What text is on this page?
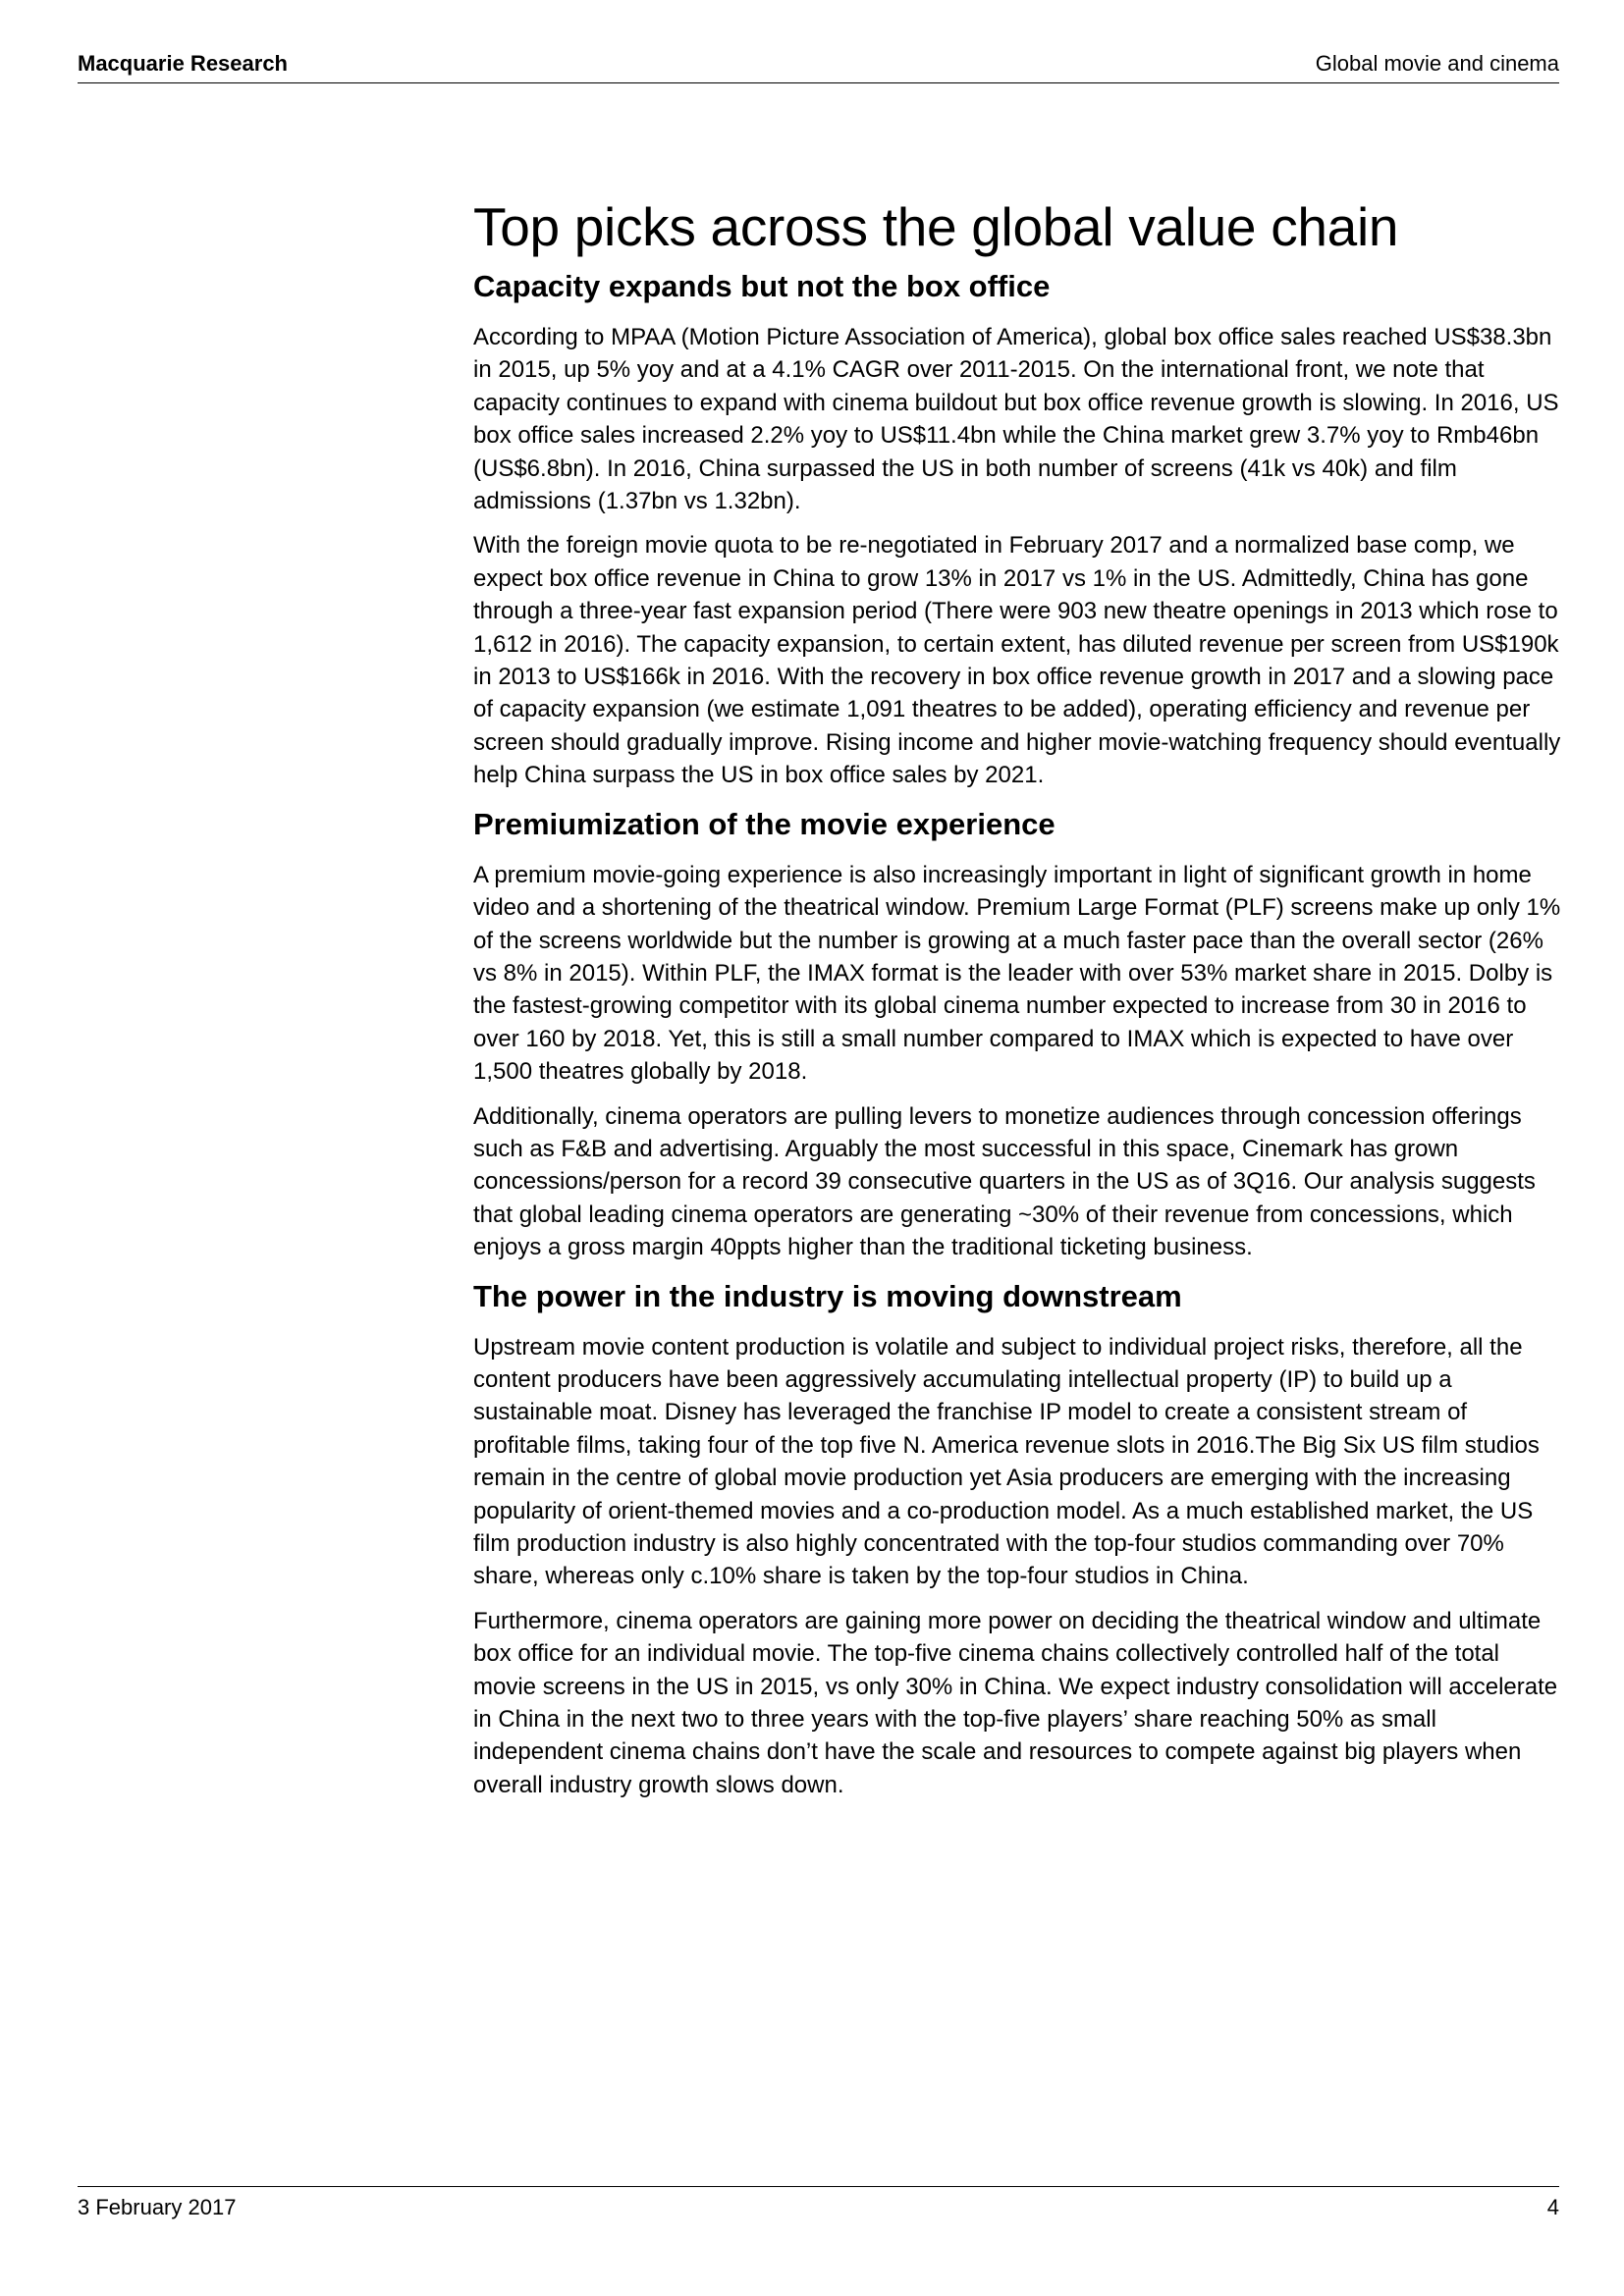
Macquarie Research	Global movie and cinema
Top picks across the global value chain
Capacity expands but not the box office

According to MPAA (Motion Picture Association of America), global box office sales reached US$38.3bn in 2015, up 5% yoy and at a 4.1% CAGR over 2011-2015. On the international front, we note that capacity continues to expand with cinema buildout but box office revenue growth is slowing. In 2016, US box office sales increased 2.2% yoy to US$11.4bn while the China market grew 3.7% yoy to Rmb46bn (US$6.8bn). In 2016, China surpassed the US in both number of screens (41k vs 40k) and film admissions (1.37bn vs 1.32bn).

With the foreign movie quota to be re-negotiated in February 2017 and a normalized base comp, we expect box office revenue in China to grow 13% in 2017 vs 1% in the US. Admittedly, China has gone through a three-year fast expansion period (There were 903 new theatre openings in 2013 which rose to 1,612 in 2016). The capacity expansion, to certain extent, has diluted revenue per screen from US$190k in 2013 to US$166k in 2016. With the recovery in box office revenue growth in 2017 and a slowing pace of capacity expansion (we estimate 1,091 theatres to be added), operating efficiency and revenue per screen should gradually improve. Rising income and higher movie-watching frequency should eventually help China surpass the US in box office sales by 2021.

Premiumization of the movie experience

A premium movie-going experience is also increasingly important in light of significant growth in home video and a shortening of the theatrical window. Premium Large Format (PLF) screens make up only 1% of the screens worldwide but the number is growing at a much faster pace than the overall sector (26% vs 8% in 2015). Within PLF, the IMAX format is the leader with over 53% market share in 2015. Dolby is the fastest-growing competitor with its global cinema number expected to increase from 30 in 2016 to over 160 by 2018. Yet, this is still a small number compared to IMAX which is expected to have over 1,500 theatres globally by 2018.

Additionally, cinema operators are pulling levers to monetize audiences through concession offerings such as F&B and advertising. Arguably the most successful in this space, Cinemark has grown concessions/person for a record 39 consecutive quarters in the US as of 3Q16. Our analysis suggests that global leading cinema operators are generating ~30% of their revenue from concessions, which enjoys a gross margin 40ppts higher than the traditional ticketing business.

The power in the industry is moving downstream

Upstream movie content production is volatile and subject to individual project risks, therefore, all the content producers have been aggressively accumulating intellectual property (IP) to build up a sustainable moat. Disney has leveraged the franchise IP model to create a consistent stream of profitable films, taking four of the top five N. America revenue slots in 2016.The Big Six US film studios remain in the centre of global movie production yet Asia producers are emerging with the increasing popularity of orient-themed movies and a co-production model. As a much established market, the US film production industry is also highly concentrated with the top-four studios commanding over 70% share, whereas only c.10% share is taken by the top-four studios in China.

Furthermore, cinema operators are gaining more power on deciding the theatrical window and ultimate box office for an individual movie. The top-five cinema chains collectively controlled half of the total movie screens in the US in 2015, vs only 30% in China. We expect industry consolidation will accelerate in China in the next two to three years with the top-five players’ share reaching 50% as small independent cinema chains don’t have the scale and resources to compete against big players when overall industry growth slows down.

3 February 2017	4
